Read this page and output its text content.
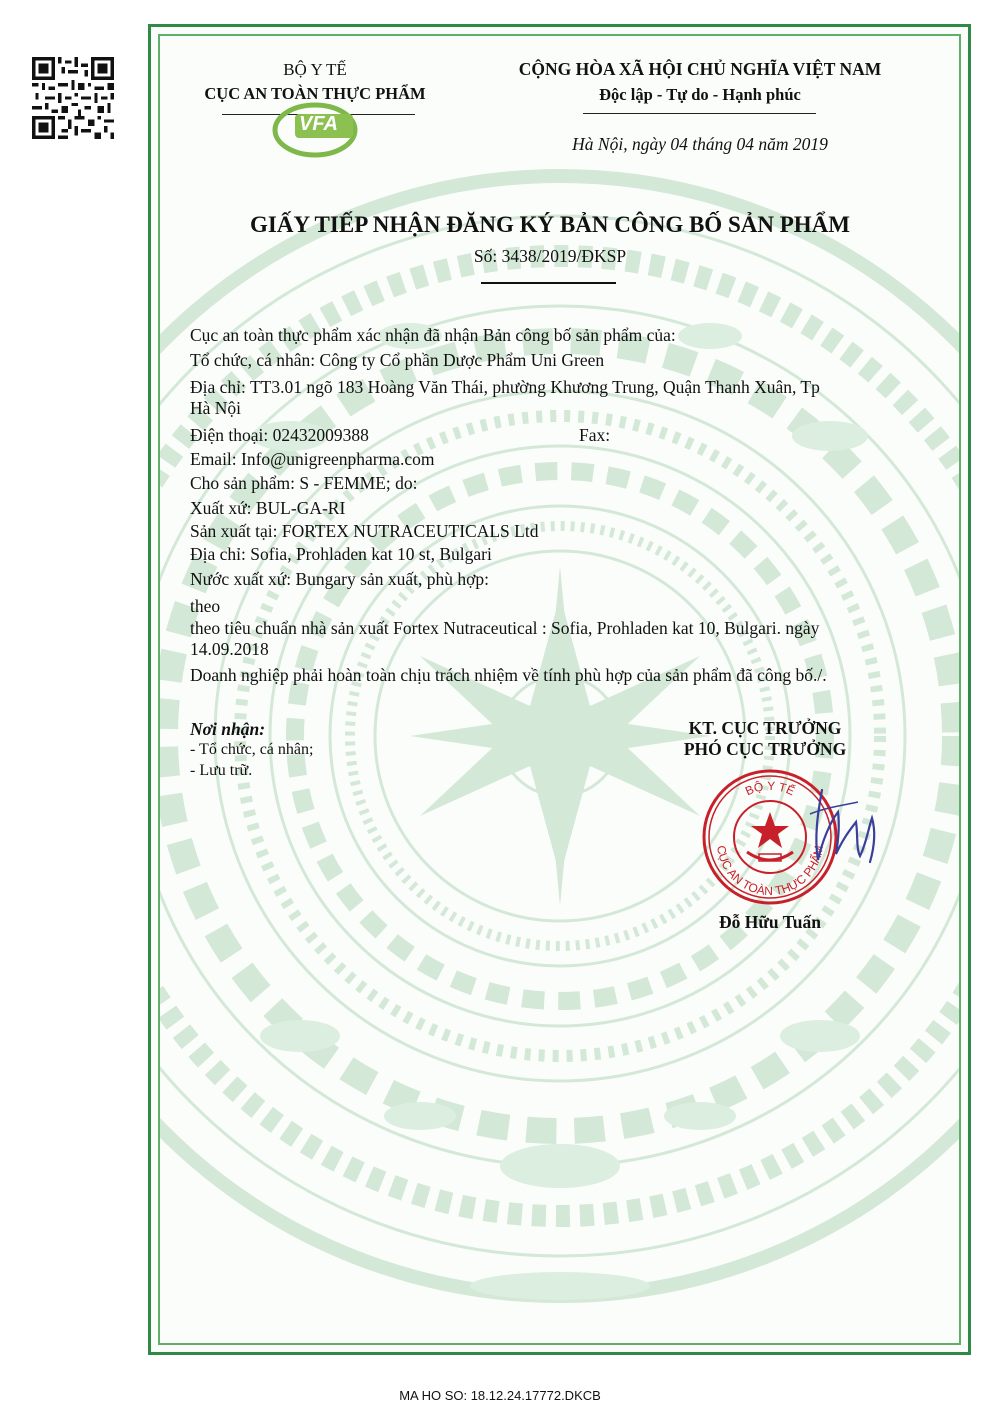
BỘ Y TẾ
CỤC AN TOÀN THỰC PHẨM
VFA
CỘNG HÒA XÃ HỘI CHỦ NGHĨA VIỆT NAM
Độc lập - Tự do - Hạnh phúc
Hà Nội, ngày 04 tháng 04 năm 2019
GIẤY TIẾP NHẬN ĐĂNG KÝ BẢN CÔNG BỐ SẢN PHẨM
Số: 3438/2019/ĐKSP
Cục an toàn thực phẩm xác nhận đã nhận Bản công bố sản phẩm của:
Tổ chức, cá nhân: Công ty Cổ phần Dược Phẩm Uni Green
Địa chỉ: TT3.01 ngõ 183 Hoàng Văn Thái, phường Khương Trung, Quận Thanh Xuân, Tp
Hà Nội
Điện thoại: 02432009388	Fax:
Email: Info@unigreenpharma.com
Cho sản phẩm: S - FEMME; do:
Xuất xứ: BUL-GA-RI
Sản xuất tại: FORTEX NUTRACEUTICALS Ltd
Địa chỉ: Sofia, Prohladen kat 10 st, Bulgari
Nước xuất xứ: Bungary sản xuất, phù hợp:
theo
theo tiêu chuẩn nhà sản xuất Fortex Nutraceutical : Sofia, Prohladen kat 10, Bulgari. ngày
14.09.2018
Doanh nghiệp phải hoàn toàn chịu trách nhiệm về tính phù hợp của sản phẩm đã công bố./.
Nơi nhận:
- Tổ chức, cá nhân;
- Lưu trữ.
KT. CỤC TRƯỞNG
PHÓ CỤC TRƯỞNG
BỘ Y TẾ
CỤC AN TOÀN THỰC PHẨM
Đỗ Hữu Tuấn
MA HO SO: 18.12.24.17772.DKCB
